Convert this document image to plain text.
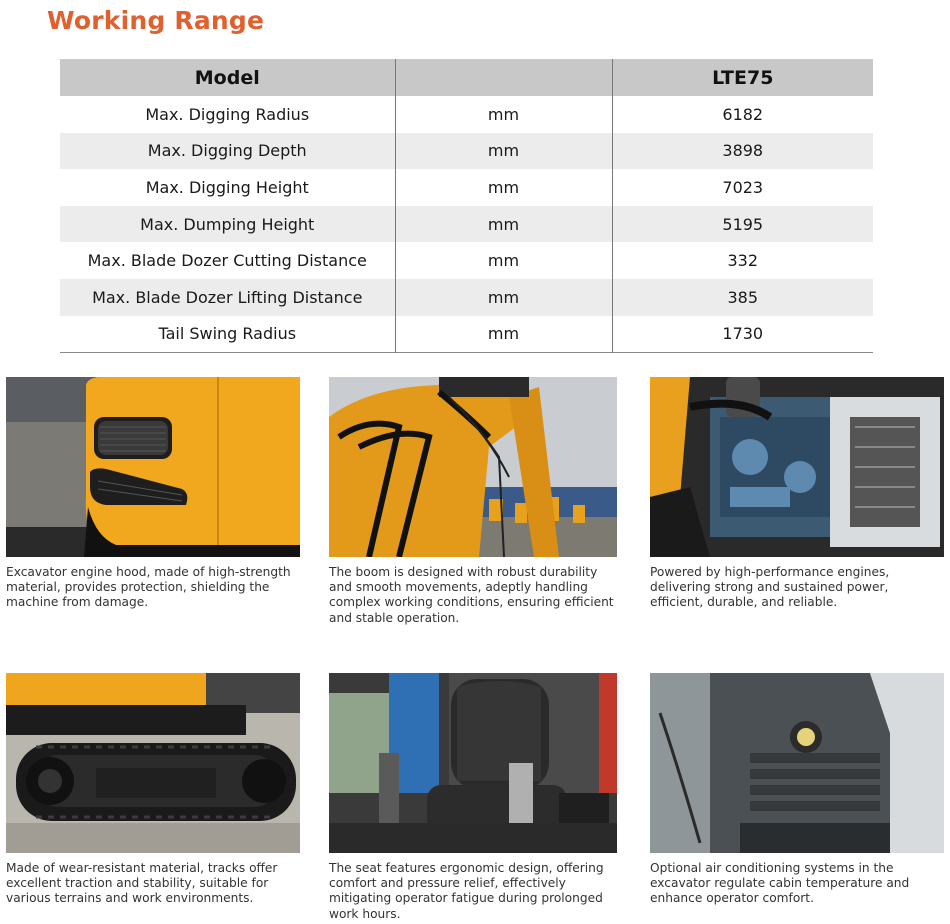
Working Range
Model		LTE75
Max. Digging Radius	mm	6182
Max. Digging Depth	mm	3898
Max. Digging Height	mm	7023
Max. Dumping Height	mm	5195
Max. Blade Dozer Cutting Distance	mm	332
Max. Blade Dozer Lifting Distance	mm	385
Tail Swing Radius	mm	1730
Excavator engine hood, made of high-strength material, provides protection, shielding the machine from damage.
The boom is designed with robust durability and smooth movements, adeptly handling complex working conditions, ensuring efficient and stable operation.
Powered by high-performance engines, delivering strong and sustained power, efficient, durable, and reliable.
Made of wear-resistant material, tracks offer excellent traction and stability, suitable for various terrains and work environments.
The seat features ergonomic design, offering comfort and pressure relief, effectively mitigating operator fatigue during prolonged work hours.
Optional air conditioning systems in the excavator regulate cabin temperature and enhance operator comfort.
